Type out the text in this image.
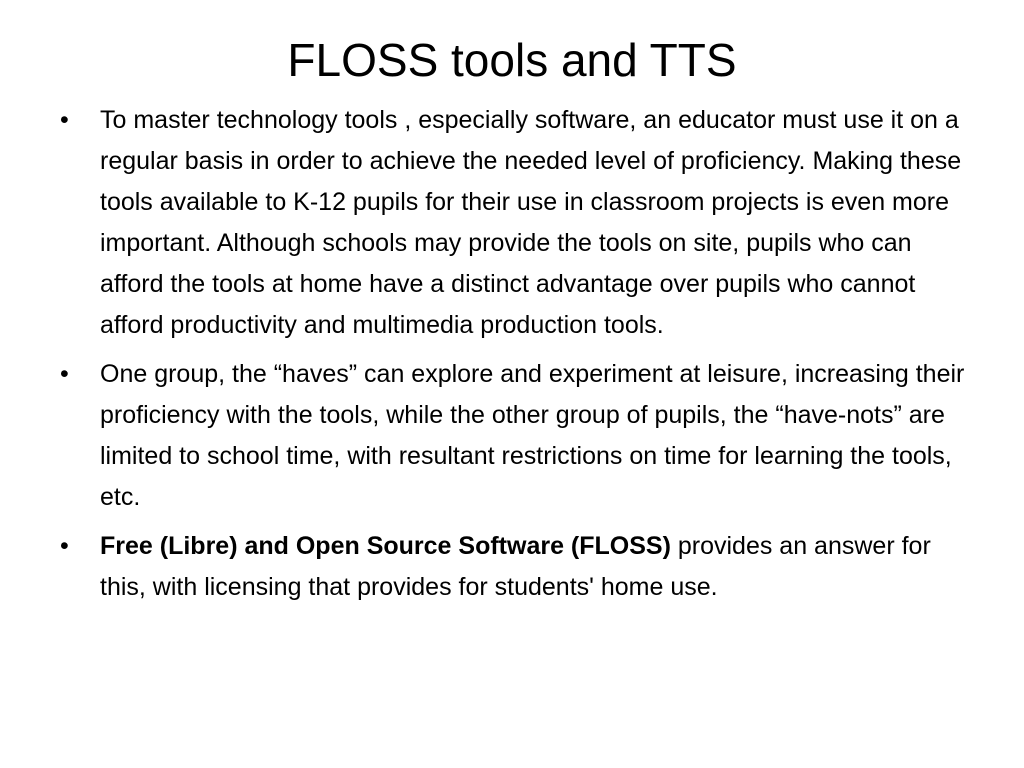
FLOSS tools and TTS
• To master technology tools , especially software, an educator must use it on a regular basis in order to achieve the needed level of proficiency. Making these tools available to K-12 pupils for their use in classroom projects is even more important. Although schools may provide the tools on site, pupils who can afford the tools at home have a distinct advantage over pupils who cannot afford productivity and multimedia production tools.
• One group, the “haves” can explore and experiment at leisure, increasing their proficiency with the tools, while the other group of pupils, the “have-nots” are limited to school time, with resultant restrictions on time for learning the tools, etc.
• Free (Libre) and Open Source Software (FLOSS) provides an answer for this, with licensing that provides for students' home use.
